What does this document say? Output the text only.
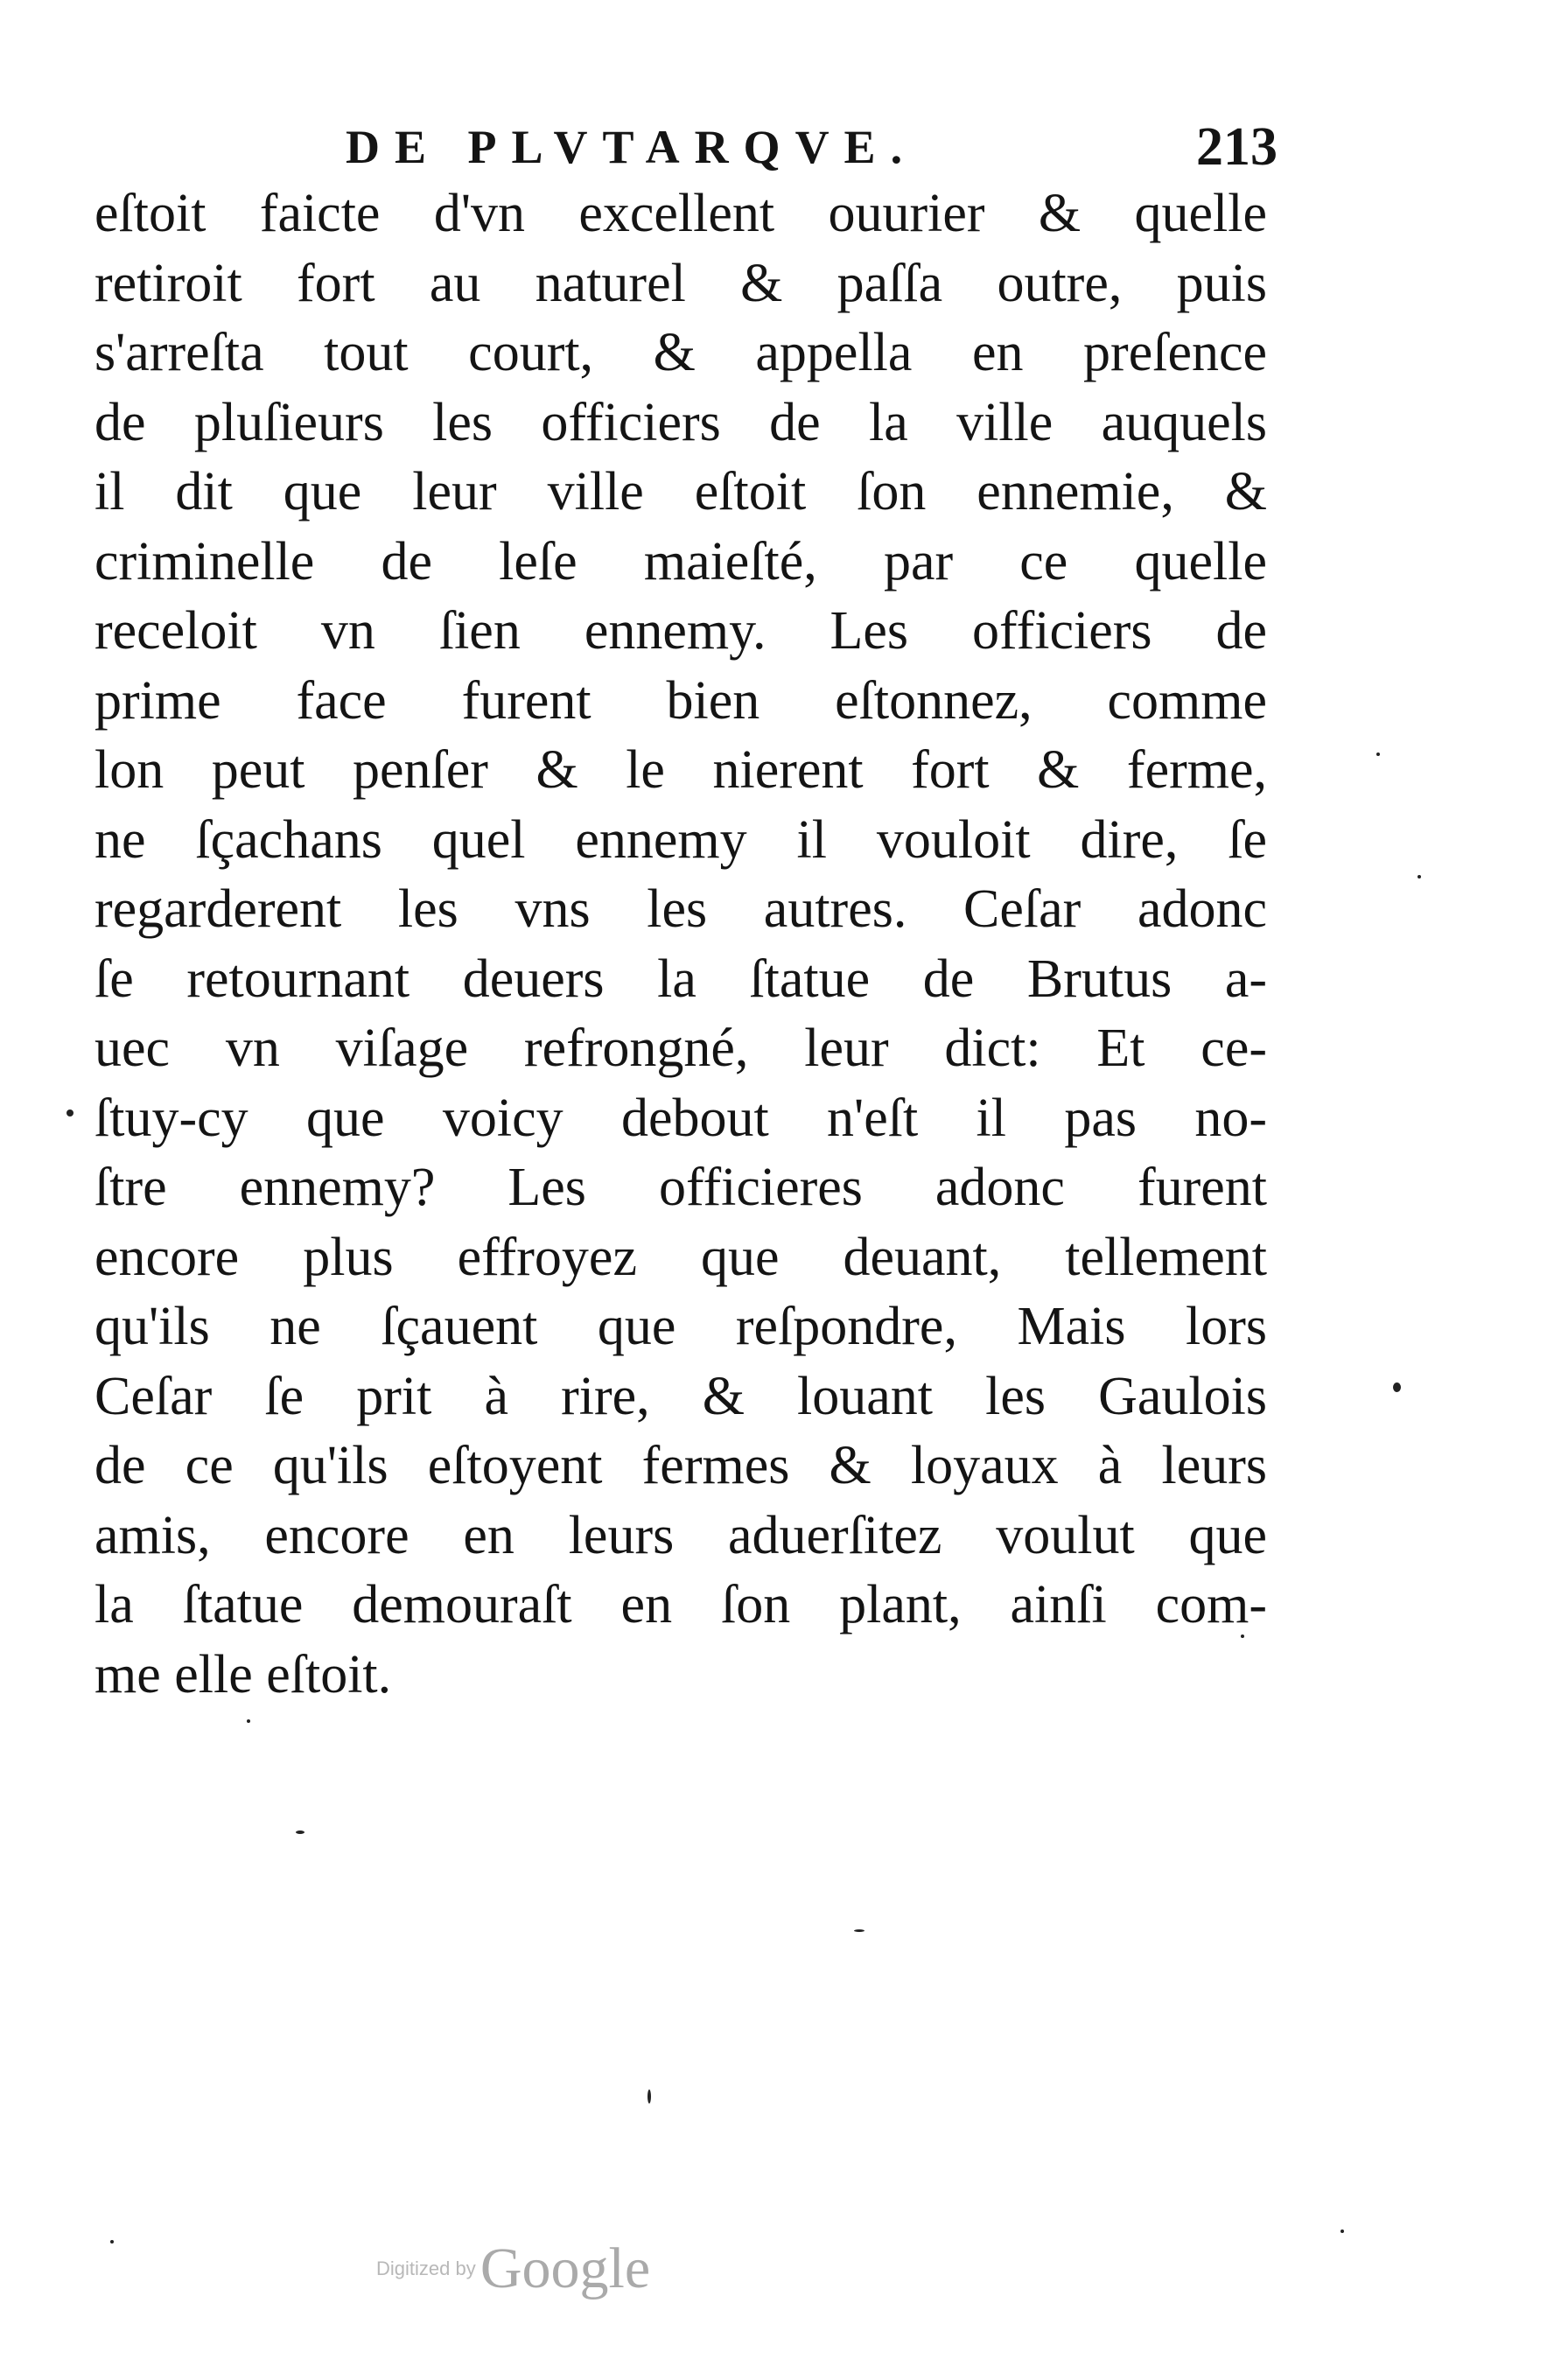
DE PLVTARQVE.	213
eſtoit faicte d'vn excellent ouurier & quelle
retiroit fort au naturel & paſſa outre, puis
s'arreſta tout court, & appella en preſence
de pluſieurs les officiers de la ville auquels
il dit que leur ville eſtoit ſon ennemie, &
criminelle de leſe maieſté, par ce quelle
receloit vn ſien ennemy. Les officiers de
prime face furent bien eſtonnez, comme
lon peut penſer & le nierent fort & ferme,
ne ſçachans quel ennemy il vouloit dire, ſe
regarderent les vns les autres. Ceſar adonc
ſe retournant deuers la ſtatue de Brutus a-
uec vn viſage refrongné, leur dict: Et ce-
ſtuy-cy que voicy debout n'eſt il pas no-
ſtre ennemy? Les officieres adonc furent
encore plus effroyez que deuant, tellement
qu'ils ne ſçauent que reſpondre, Mais lors
Ceſar ſe prit à rire, & louant les Gaulois
de ce qu'ils eſtoyent fermes & loyaux à leurs
amis, encore en leurs aduerſitez voulut que
la ſtatue demouraſt en ſon plant, ainſi com-
me elle eſtoit.
Digitized by Google
